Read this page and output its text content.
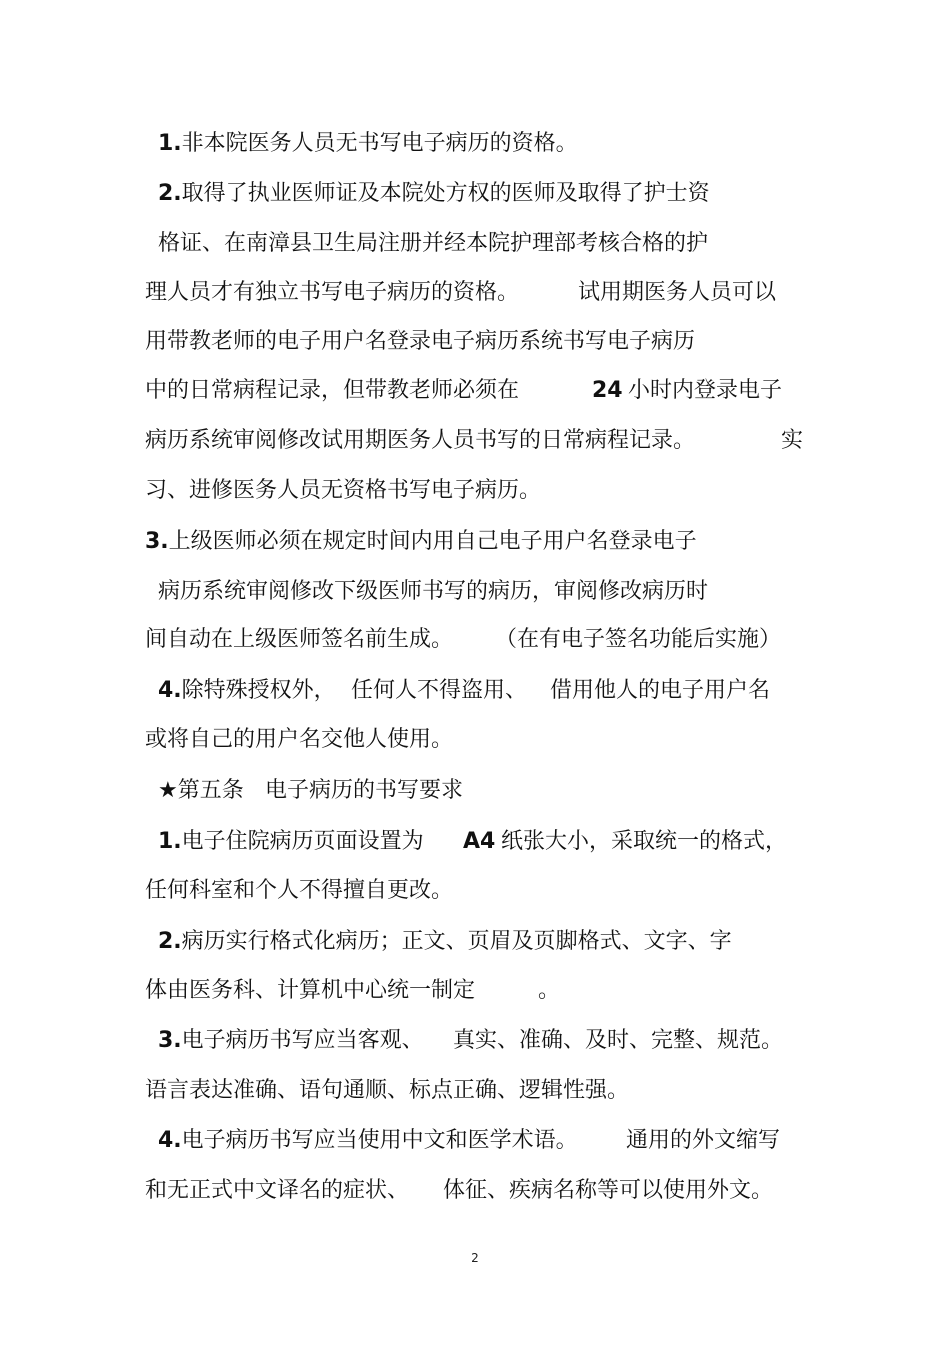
1.非本院医务人员无书写电子病历的资格。
2.取得了执业医师证及本院处方权的医师及取得了护士资
格证、在南漳县卫生局注册并经本院护理部考核合格的护
理人员才有独立书写电子病历的资格。	试用期医务人员可以
用带教老师的电子用户名登录电子病历系统书写电子病历
中的日常病程记录，但带教老师必须在	24 小时内登录电子
病历系统审阅修改试用期医务人员书写的日常病程记录。	实
习、进修医务人员无资格书写电子病历。
3.上级医师必须在规定时间内用自己电子用户名登录电子
病历系统审阅修改下级医师书写的病历，审阅修改病历时
间自动在上级医师签名前生成。 （在有电子签名功能后实施）
4.除特殊授权外， 任何人不得盗用、 借用他人的电子用户名
或将自己的用户名交他人使用。
★第五条 电子病历的书写要求
1.电子住院病历页面设置为 A4 纸张大小，采取统一的格式，
任何科室和个人不得擅自更改。
2.病历实行格式化病历；正文、页眉及页脚格式、文字、字
体由医务科、计算机中心统一制定	。
3.电子病历书写应当客观、 真实、准确、及时、完整、规范。
语言表达准确、语句通顺、标点正确、逻辑性强。
4.电子病历书写应当使用中文和医学术语。 通用的外文缩写
和无正式中文译名的症状、 体征、疾病名称等可以使用外文。
2
